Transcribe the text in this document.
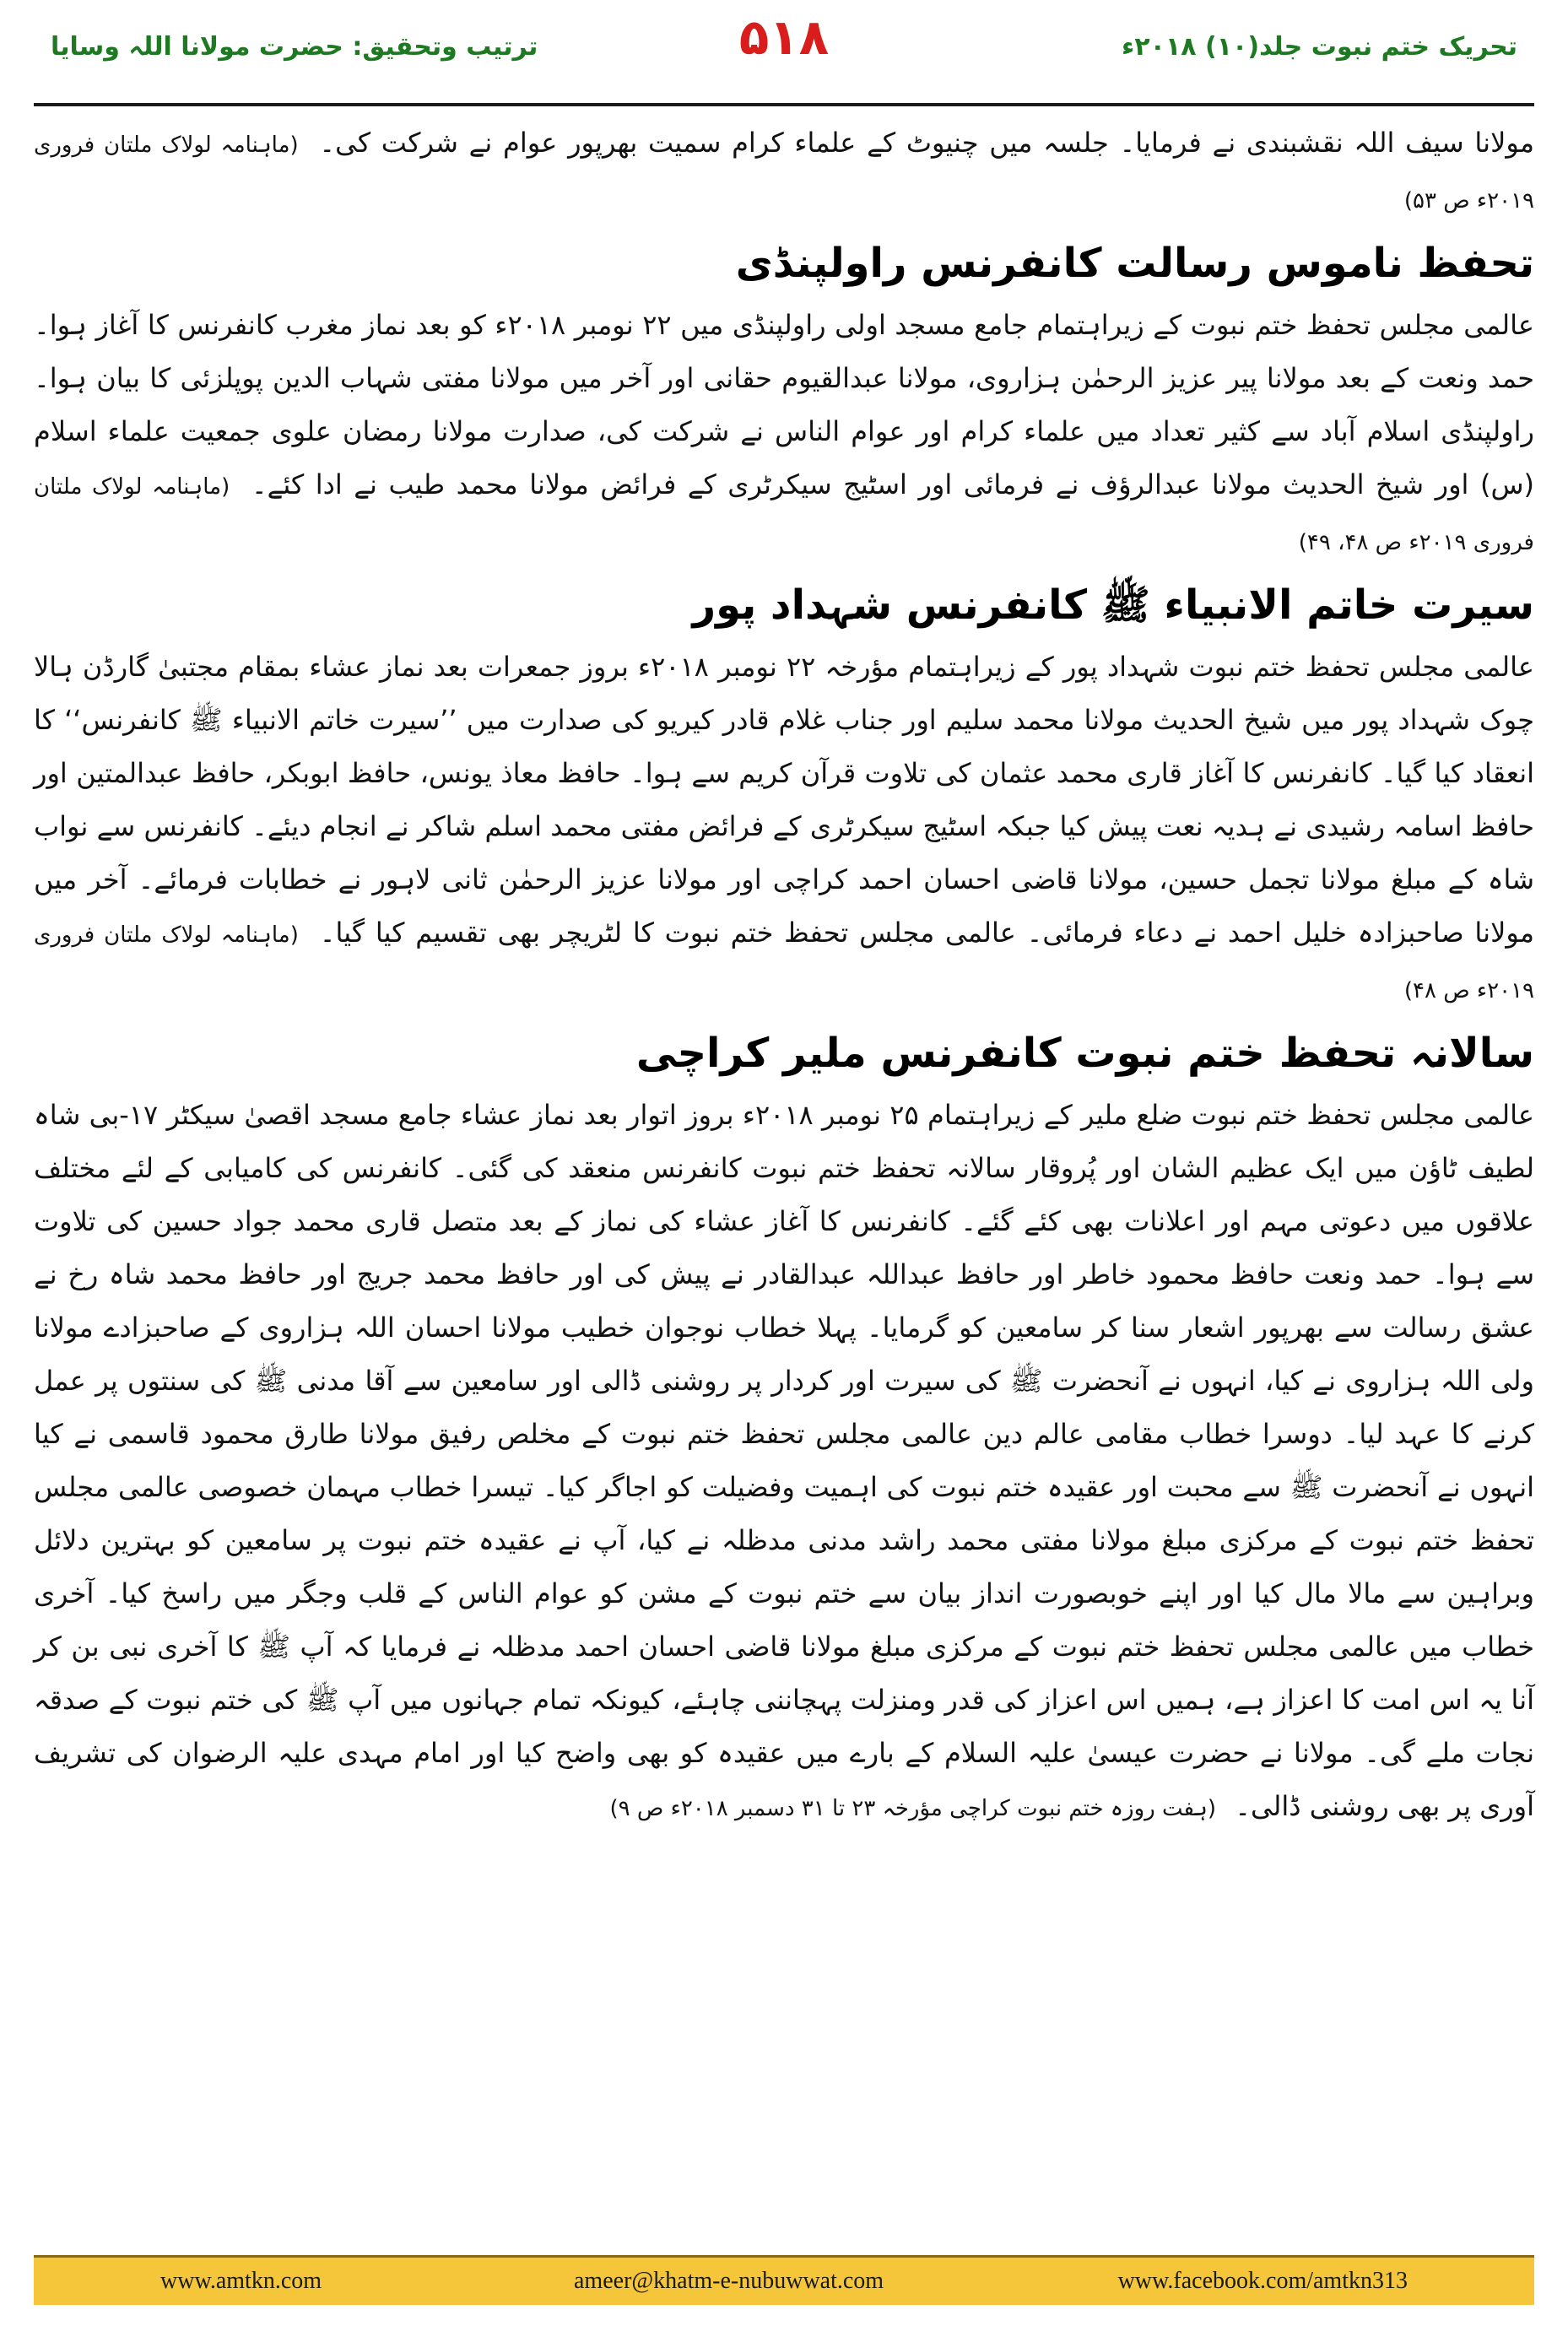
تحریک ختم نبوت جلد(۱۰) ۲۰۱۸ء
۵۱۸
ترتیب وتحقیق: حضرت مولانا اللہ وسایا

مولانا سیف اللہ نقشبندی نے فرمایا۔ جلسہ میں چنیوٹ کے علماء کرام سمیت بھرپور عوام نے شرکت کی۔ (ماہنامہ لولاک ملتان فروری ۲۰۱۹ء ص ۵۳)

تحفظ ناموس رسالت کانفرنس راولپنڈی

عالمی مجلس تحفظ ختم نبوت کے زیراہتمام جامع مسجد اولی راولپنڈی میں ۲۲ نومبر ۲۰۱۸ء کو بعد نماز مغرب کانفرنس کا آغاز ہوا۔ حمد ونعت کے بعد مولانا پیر عزیز الرحمٰن ہزاروی، مولانا عبدالقیوم حقانی اور آخر میں مولانا مفتی شہاب الدین پوپلزئی کا بیان ہوا۔ راولپنڈی اسلام آباد سے کثیر تعداد میں علماء کرام اور عوام الناس نے شرکت کی، صدارت مولانا رمضان علوی جمعیت علماء اسلام (س) اور شیخ الحدیث مولانا عبدالرؤف نے فرمائی اور اسٹیج سیکرٹری کے فرائض مولانا محمد طیب نے ادا کئے۔ (ماہنامہ لولاک ملتان فروری ۲۰۱۹ء ص ۴۸، ۴۹)

سیرت خاتم الانبیاء ﷺ کانفرنس شہداد پور

عالمی مجلس تحفظ ختم نبوت شہداد پور کے زیراہتمام مؤرخہ ۲۲ نومبر ۲۰۱۸ء بروز جمعرات بعد نماز عشاء بمقام مجتبیٰ گارڈن ہالا چوک شہداد پور میں شیخ الحدیث مولانا محمد سلیم اور جناب غلام قادر کیریو کی صدارت میں ’’سیرت خاتم الانبیاء ﷺ کانفرنس‘‘ کا انعقاد کیا گیا۔ کانفرنس کا آغاز قاری محمد عثمان کی تلاوت قرآن کریم سے ہوا۔ حافظ معاذ یونس، حافظ ابوبکر، حافظ عبدالمتین اور حافظ اسامہ رشیدی نے ہدیہ نعت پیش کیا جبکہ اسٹیج سیکرٹری کے فرائض مفتی محمد اسلم شاکر نے انجام دیئے۔ کانفرنس سے نواب شاہ کے مبلغ مولانا تجمل حسین، مولانا قاضی احسان احمد کراچی اور مولانا عزیز الرحمٰن ثانی لاہور نے خطابات فرمائے۔ آخر میں مولانا صاحبزادہ خلیل احمد نے دعاء فرمائی۔ عالمی مجلس تحفظ ختم نبوت کا لٹریچر بھی تقسیم کیا گیا۔ (ماہنامہ لولاک ملتان فروری ۲۰۱۹ء ص ۴۸)

سالانہ تحفظ ختم نبوت کانفرنس ملیر کراچی

عالمی مجلس تحفظ ختم نبوت ضلع ملیر کے زیراہتمام ۲۵ نومبر ۲۰۱۸ء بروز اتوار بعد نماز عشاء جامع مسجد اقصیٰ سیکٹر ۱۷-بی شاہ لطیف ٹاؤن میں ایک عظیم الشان اور پُروقار سالانہ تحفظ ختم نبوت کانفرنس منعقد کی گئی۔ کانفرنس کی کامیابی کے لئے مختلف علاقوں میں دعوتی مہم اور اعلانات بھی کئے گئے۔ کانفرنس کا آغاز عشاء کی نماز کے بعد متصل قاری محمد جواد حسین کی تلاوت سے ہوا۔ حمد ونعت حافظ محمود خاطر اور حافظ عبداللہ عبدالقادر نے پیش کی اور حافظ محمد جریج اور حافظ محمد شاہ رخ نے عشق رسالت سے بھرپور اشعار سنا کر سامعین کو گرمایا۔ پہلا خطاب نوجوان خطیب مولانا احسان اللہ ہزاروی کے صاحبزادے مولانا ولی اللہ ہزاروی نے کیا، انہوں نے آنحضرت ﷺ کی سیرت اور کردار پر روشنی ڈالی اور سامعین سے آقا مدنی ﷺ کی سنتوں پر عمل کرنے کا عہد لیا۔ دوسرا خطاب مقامی عالم دین عالمی مجلس تحفظ ختم نبوت کے مخلص رفیق مولانا طارق محمود قاسمی نے کیا انہوں نے آنحضرت ﷺ سے محبت اور عقیدہ ختم نبوت کی اہمیت وفضیلت کو اجاگر کیا۔ تیسرا خطاب مہمان خصوصی عالمی مجلس تحفظ ختم نبوت کے مرکزی مبلغ مولانا مفتی محمد راشد مدنی مدظلہ نے کیا، آپ نے عقیدہ ختم نبوت پر سامعین کو بہترین دلائل وبراہین سے مالا مال کیا اور اپنے خوبصورت انداز بیان سے ختم نبوت کے مشن کو عوام الناس کے قلب وجگر میں راسخ کیا۔ آخری خطاب میں عالمی مجلس تحفظ ختم نبوت کے مرکزی مبلغ مولانا قاضی احسان احمد مدظلہ نے فرمایا کہ آپ ﷺ کا آخری نبی بن کر آنا یہ اس امت کا اعزاز ہے، ہمیں اس اعزاز کی قدر ومنزلت پہچاننی چاہئے، کیونکہ تمام جہانوں میں آپ ﷺ کی ختم نبوت کے صدقہ نجات ملے گی۔ مولانا نے حضرت عیسیٰ علیہ السلام کے بارے میں عقیدہ کو بھی واضح کیا اور امام مہدی علیہ الرضوان کی تشریف آوری پر بھی روشنی ڈالی۔ (ہفت روزہ ختم نبوت کراچی مؤرخہ ۲۳ تا ۳۱ دسمبر ۲۰۱۸ء ص ۹)

www.amtkn.com	ameer@khatm-e-nubuwwat.com	www.facebook.com/amtkn313
